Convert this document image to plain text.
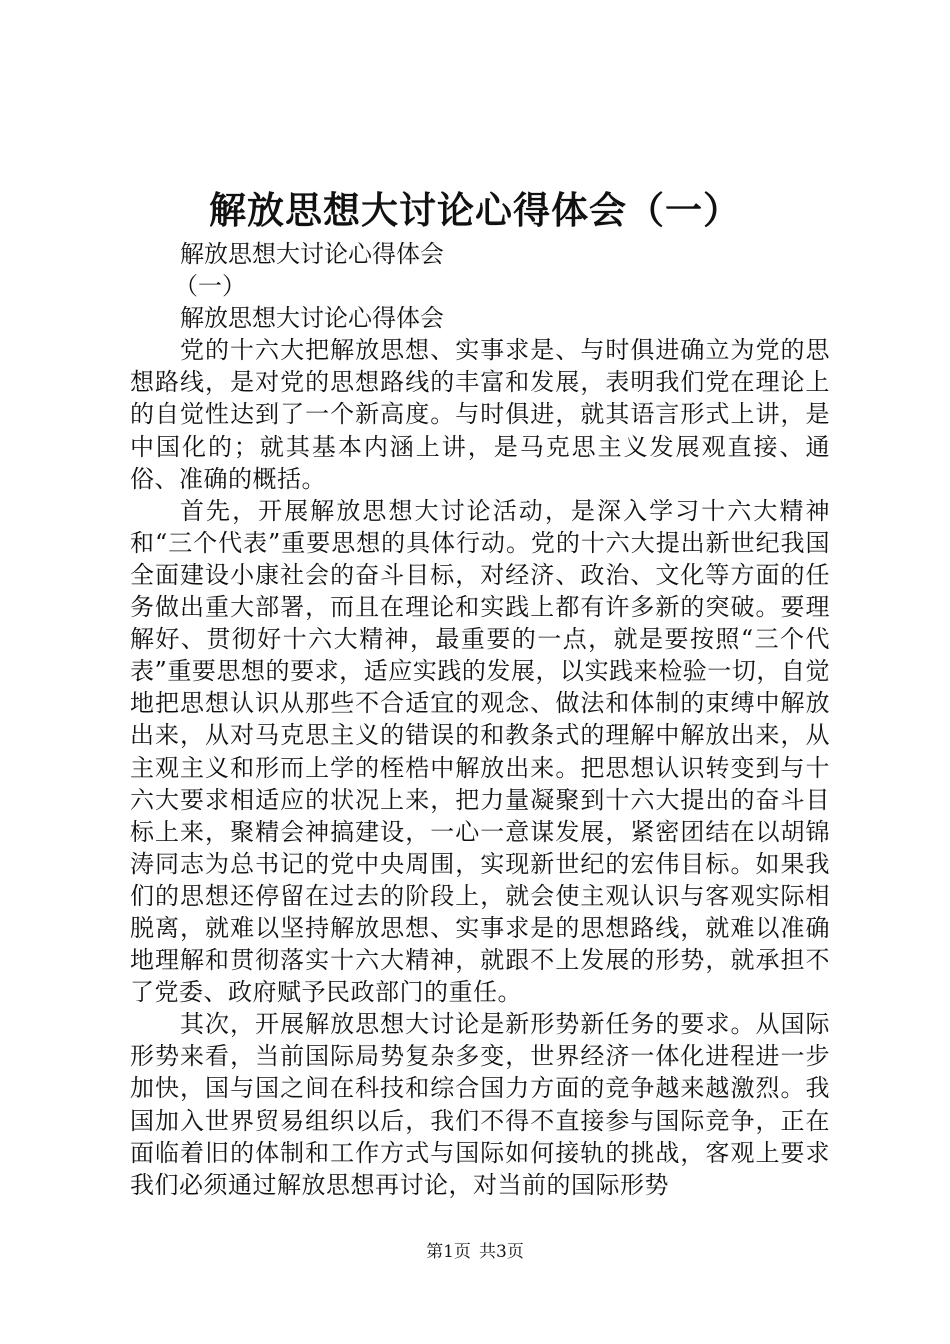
解放思想大讨论心得体会（一）

解放思想大讨论心得体会

（一）

解放思想大讨论心得体会

党的十六大把解放思想、实事求是、与时俱进确立为党的思想路线，是对党的思想路线的丰富和发展，表明我们党在理论上的自觉性达到了一个新高度。与时俱进，就其语言形式上讲，是中国化的；就其基本内涵上讲，是马克思主义发展观直接、通俗、准确的概括。

首先，开展解放思想大讨论活动，是深入学习十六大精神和“三个代表”重要思想的具体行动。党的十六大提出新世纪我国全面建设小康社会的奋斗目标，对经济、政治、文化等方面的任务做出重大部署，而且在理论和实践上都有许多新的突破。要理解好、贯彻好十六大精神，最重要的一点，就是要按照“三个代表”重要思想的要求，适应实践的发展，以实践来检验一切，自觉地把思想认识从那些不合适宜的观念、做法和体制的束缚中解放出来，从对马克思主义的错误的和教条式的理解中解放出来，从主观主义和形而上学的桎梏中解放出来。把思想认识转变到与十六大要求相适应的状况上来，把力量凝聚到十六大提出的奋斗目标上来，聚精会神搞建设，一心一意谋发展，紧密团结在以胡锦涛同志为总书记的党中央周围，实现新世纪的宏伟目标。如果我们的思想还停留在过去的阶段上，就会使主观认识与客观实际相脱离，就难以坚持解放思想、实事求是的思想路线，就难以准确地理解和贯彻落实十六大精神，就跟不上发展的形势，就承担不了党委、政府赋予民政部门的重任。

其次，开展解放思想大讨论是新形势新任务的要求。从国际形势来看，当前国际局势复杂多变，世界经济一体化进程进一步加快，国与国之间在科技和综合国力方面的竞争越来越激烈。我国加入世界贸易组织以后，我们不得不直接参与国际竞争，正在面临着旧的体制和工作方式与国际如何接轨的挑战，客观上要求我们必须通过解放思想再讨论，对当前的国际形势

第1页 共3页
